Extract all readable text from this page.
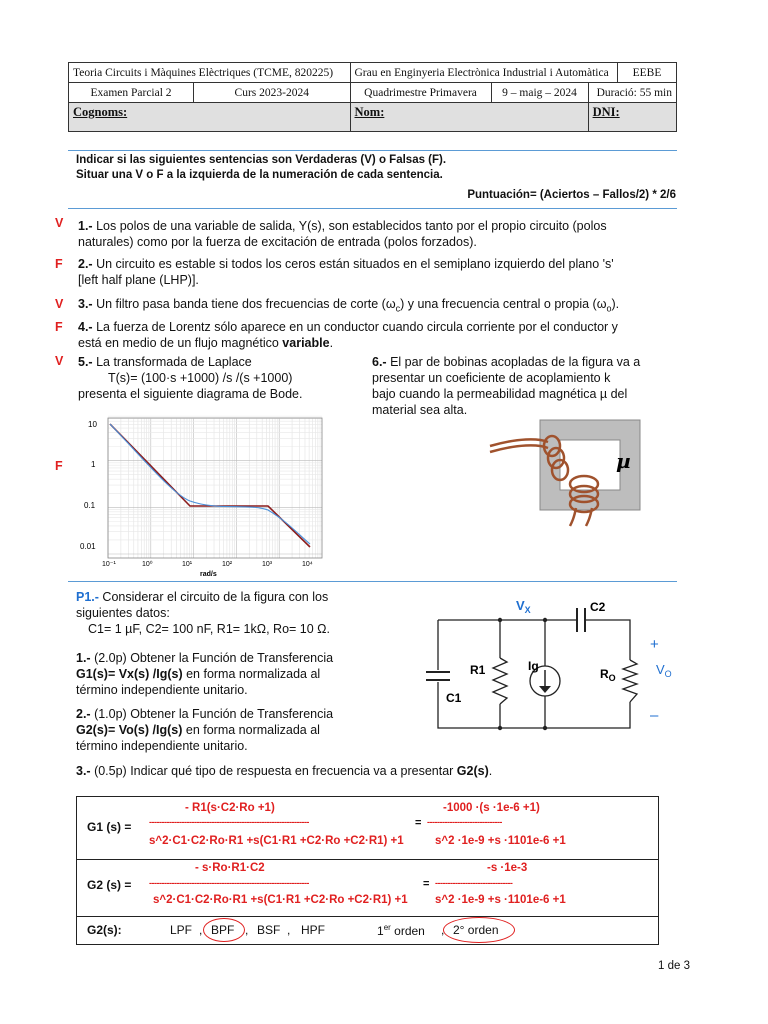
Teoria Circuits i Màquines Elèctriques (TCME, 820225)		Grau en Enginyeria Electrònica Industrial i Automàtica			EEBE
Examen Parcial 2	Curs 2023-2024	Quadrimestre Primavera	9 – maig – 2024	Duració: 55 min	
Cognoms:		Nom:		DNI:	
Indicar si las siguientes sentencias son Verdaderas (V) o Falsas (F).
Situar una V o F a la izquierda de la numeración de cada sentencia.
Puntuación= (Aciertos – Fallos/2) * 2/6
V 1.- Los polos de una variable de salida, Y(s), son establecidos tanto por el propio circuito (polos
naturales) como por la fuerza de excitación de entrada (polos forzados).
F 2.- Un circuito es estable si todos los ceros están situados en el semiplano izquierdo del plano 's'
[left half plane (LHP)].
V 3.- Un filtro pasa banda tiene dos frecuencias de corte $(\omega_c)$ y una frecuencia central o propia $(\omega_o)$.
F 4.- La fuerza de Lorentz sólo aparece en un conductor cuando circula corriente por el conductor y
está en medio de un flujo magnético variable.
V 5.- La transformada de Laplace
T(s)= (100·s +1000) /s /(s +1000)
presenta el siguiente diagrama de Bode.
F
6.- El par de bobinas acopladas de la figura va a
presentar un coeficiente de acoplamiento k
bajo cuando la permeabilidad magnética µ del
material sea alta.
10
1
0.1
0.01
10⁻¹	10⁰	10¹	10²	10³	10⁴
rad/s
µ
P1.- Considerar el circuito de la figura con los
siguientes datos:
C1= 1 µF, C2= 100 nF, R1= 1kΩ, Ro= 10 Ω.
1.- (2.0p) Obtener la Función de Transferencia
G1(s)= Vx(s) /Ig(s) en forma normalizada al
término independiente unitario.
2.- (1.0p) Obtener la Función de Transferencia
G2(s)= Vo(s) /Ig(s) en forma normalizada al
término independiente unitario.
3.- (0.5p) Indicar qué tipo de respuesta en frecuencia va a presentar G2(s).
$V_X$	C2
R1	Ig
$R_O$
C1
+
$V_O$
–
G1 (s) =
- R1(s·C2·Ro +1)	-1000 ·(s ·1e-6 +1)
----------------------------------------------------------------	= ------------------------------
s^2·C1·C2·Ro·R1 +s(C1·R1 +C2·Ro +C2·R1) +1	s^2 ·1e-9 +s ·1101e-6 +1
G2 (s) =
- s·Ro·R1·C2	-s ·1e-3
----------------------------------------------------------------	= -------------------------------
s^2·C1·C2·Ro·R1 +s(C1·R1 +C2·Ro +C2·R1) +1 s^2 ·1e-9 +s ·1101e-6 +1
G2(s):	LPF , BPF , BSF , HPF	1er orden , 2° orden
1 de 3
